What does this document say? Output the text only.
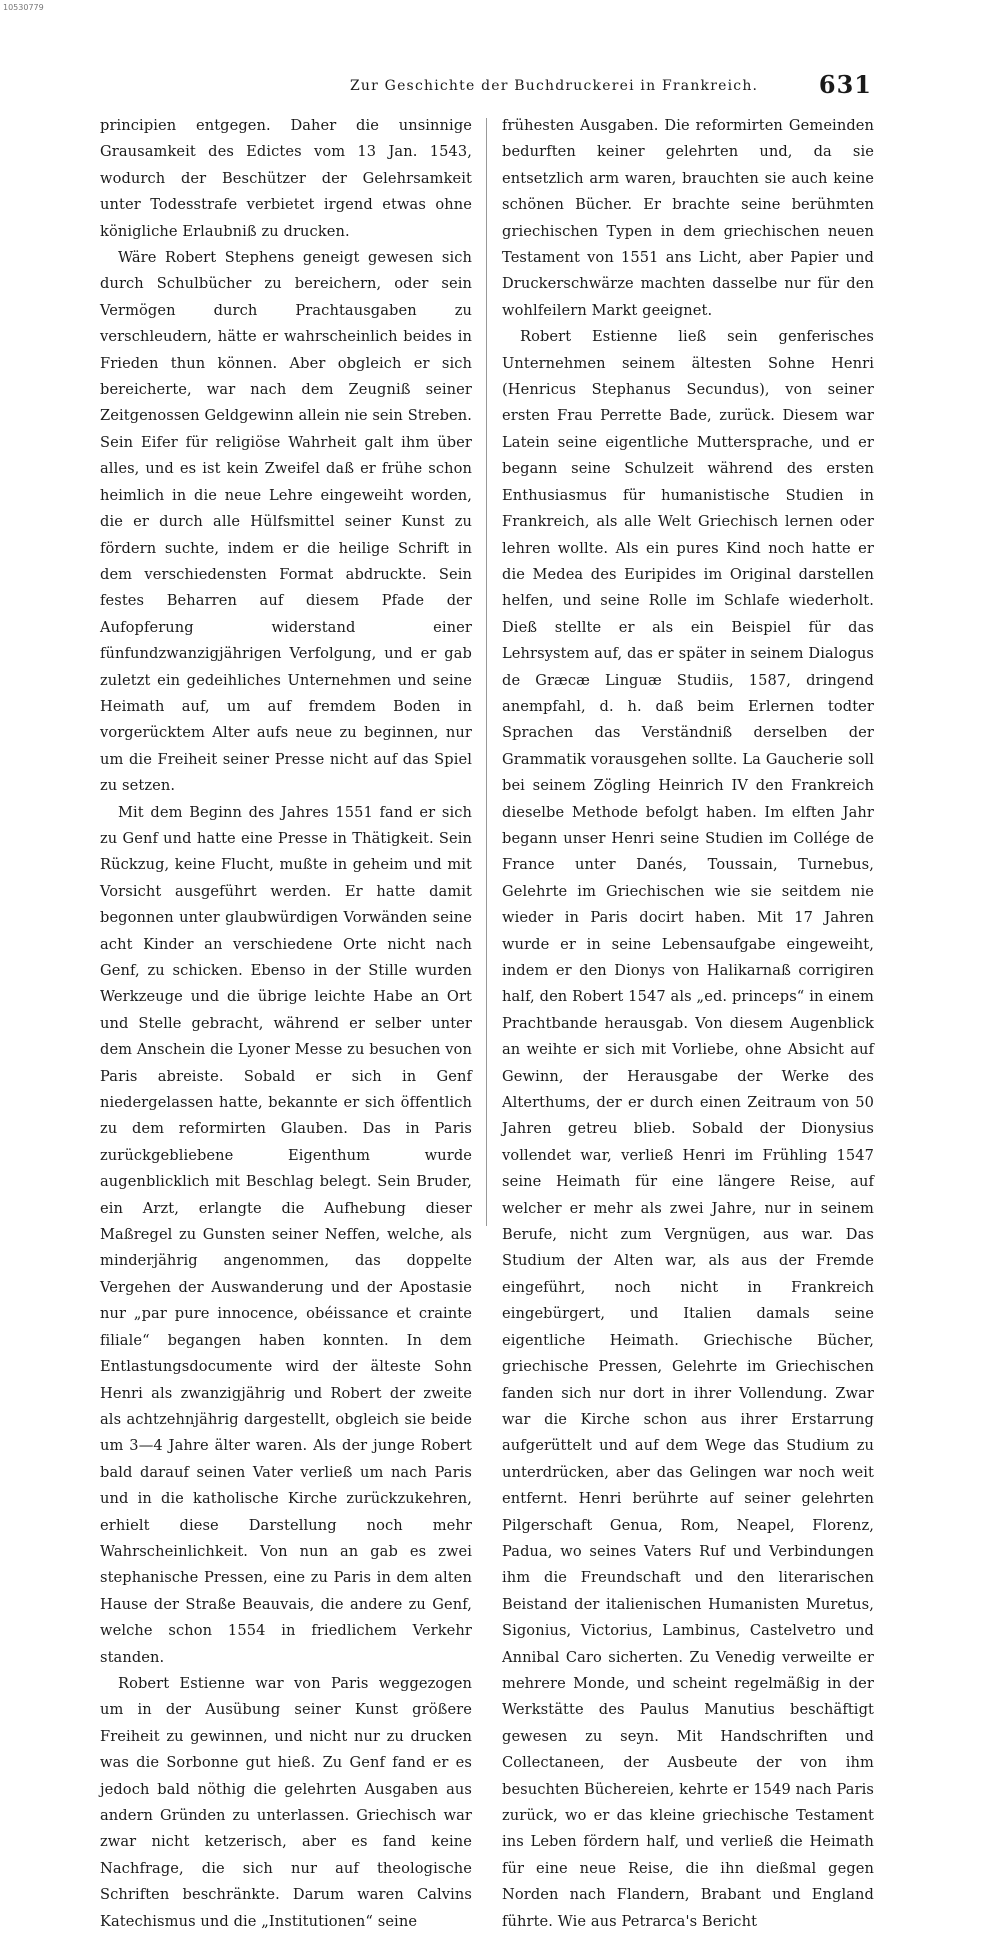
10530779
Zur Geschichte der Buchdruckerei in Frankreich.	631

principien entgegen. Daher die unsinnige Grausamkeit des Edictes vom 13 Jan. 1543, wodurch der Beschützer der Gelehrsamkeit unter Todesstrafe verbietet irgend etwas ohne königliche Erlaubniß zu drucken.

Wäre Robert Stephens geneigt gewesen sich durch Schulbücher zu bereichern, oder sein Vermögen durch Prachtausgaben zu verschleudern, hätte er wahrscheinlich beides in Frieden thun können. Aber obgleich er sich bereicherte, war nach dem Zeugniß seiner Zeitgenossen Geldgewinn allein nie sein Streben. Sein Eifer für religiöse Wahrheit galt ihm über alles, und es ist kein Zweifel daß er frühe schon heimlich in die neue Lehre eingeweiht worden, die er durch alle Hülfsmittel seiner Kunst zu fördern suchte, indem er die heilige Schrift in dem verschiedensten Format abdruckte. Sein festes Beharren auf diesem Pfade der Aufopferung widerstand einer fünfundzwanzigjährigen Verfolgung, und er gab zuletzt ein gedeihliches Unternehmen und seine Heimath auf, um auf fremdem Boden in vorgerücktem Alter aufs neue zu beginnen, nur um die Freiheit seiner Presse nicht auf das Spiel zu setzen.

Mit dem Beginn des Jahres 1551 fand er sich zu Genf und hatte eine Presse in Thätigkeit. Sein Rückzug, keine Flucht, mußte in geheim und mit Vorsicht ausgeführt werden. Er hatte damit begonnen unter glaubwürdigen Vorwänden seine acht Kinder an verschiedene Orte nicht nach Genf, zu schicken. Ebenso in der Stille wurden Werkzeuge und die übrige leichte Habe an Ort und Stelle gebracht, während er selber unter dem Anschein die Lyoner Messe zu besuchen von Paris abreiste. Sobald er sich in Genf niedergelassen hatte, bekannte er sich öffentlich zu dem reformirten Glauben. Das in Paris zurückgebliebene Eigenthum wurde augenblicklich mit Beschlag belegt. Sein Bruder, ein Arzt, erlangte die Aufhebung dieser Maßregel zu Gunsten seiner Neffen, welche, als minderjährig angenommen, das doppelte Vergehen der Auswanderung und der Apostasie nur „par pure innocence, obéissance et crainte filiale“ begangen haben konnten. In dem Entlastungsdocumente wird der älteste Sohn Henri als zwanzigjährig und Robert der zweite als achtzehnjährig dargestellt, obgleich sie beide um 3—4 Jahre älter waren. Als der junge Robert bald darauf seinen Vater verließ um nach Paris und in die katholische Kirche zurückzukehren, erhielt diese Darstellung noch mehr Wahrscheinlichkeit. Von nun an gab es zwei stephanische Pressen, eine zu Paris in dem alten Hause der Straße Beauvais, die andere zu Genf, welche schon 1554 in friedlichem Verkehr standen.

Robert Estienne war von Paris weggezogen um in der Ausübung seiner Kunst größere Freiheit zu gewinnen, und nicht nur zu drucken was die Sorbonne gut hieß. Zu Genf fand er es jedoch bald nöthig die gelehrten Ausgaben aus andern Gründen zu unterlassen. Griechisch war zwar nicht ketzerisch, aber es fand keine Nachfrage, die sich nur auf theologische Schriften beschränkte. Darum waren Calvins Katechismus und die „Institutionen“ seine

frühesten Ausgaben. Die reformirten Gemeinden bedurften keiner gelehrten und, da sie entsetzlich arm waren, brauchten sie auch keine schönen Bücher. Er brachte seine berühmten griechischen Typen in dem griechischen neuen Testament von 1551 ans Licht, aber Papier und Druckerschwärze machten dasselbe nur für den wohlfeilern Markt geeignet.

Robert Estienne ließ sein genferisches Unternehmen seinem ältesten Sohne Henri (Henricus Stephanus Secundus), von seiner ersten Frau Perrette Bade, zurück. Diesem war Latein seine eigentliche Muttersprache, und er begann seine Schulzeit während des ersten Enthusiasmus für humanistische Studien in Frankreich, als alle Welt Griechisch lernen oder lehren wollte. Als ein pures Kind noch hatte er die Medea des Euripides im Original darstellen helfen, und seine Rolle im Schlafe wiederholt. Dieß stellte er als ein Beispiel für das Lehrsystem auf, das er später in seinem Dialogus de Græcæ Linguæ Studiis, 1587, dringend anempfahl, d. h. daß beim Erlernen todter Sprachen das Verständniß derselben der Grammatik vorausgehen sollte. La Gaucherie soll bei seinem Zögling Heinrich IV den Frankreich dieselbe Methode befolgt haben. Im elften Jahr begann unser Henri seine Studien im Collége de France unter Danés, Toussain, Turnebus, Gelehrte im Griechischen wie sie seitdem nie wieder in Paris docirt haben. Mit 17 Jahren wurde er in seine Lebensaufgabe eingeweiht, indem er den Dionys von Halikarnaß corrigiren half, den Robert 1547 als „ed. princeps“ in einem Prachtbande herausgab. Von diesem Augenblick an weihte er sich mit Vorliebe, ohne Absicht auf Gewinn, der Herausgabe der Werke des Alterthums, der er durch einen Zeitraum von 50 Jahren getreu blieb. Sobald der Dionysius vollendet war, verließ Henri im Frühling 1547 seine Heimath für eine längere Reise, auf welcher er mehr als zwei Jahre, nur in seinem Berufe, nicht zum Vergnügen, aus war. Das Studium der Alten war, als aus der Fremde eingeführt, noch nicht in Frankreich eingebürgert, und Italien damals seine eigentliche Heimath. Griechische Bücher, griechische Pressen, Gelehrte im Griechischen fanden sich nur dort in ihrer Vollendung. Zwar war die Kirche schon aus ihrer Erstarrung aufgerüttelt und auf dem Wege das Studium zu unterdrücken, aber das Gelingen war noch weit entfernt. Henri berührte auf seiner gelehrten Pilgerschaft Genua, Rom, Neapel, Florenz, Padua, wo seines Vaters Ruf und Verbindungen ihm die Freundschaft und den literarischen Beistand der italienischen Humanisten Muretus, Sigonius, Victorius, Lambinus, Castelvetro und Annibal Caro sicherten. Zu Venedig verweilte er mehrere Monde, und scheint regelmäßig in der Werkstätte des Paulus Manutius beschäftigt gewesen zu seyn. Mit Handschriften und Collectaneen, der Ausbeute der von ihm besuchten Büchereien, kehrte er 1549 nach Paris zurück, wo er das kleine griechische Testament ins Leben fördern half, und verließ die Heimath für eine neue Reise, die ihn dießmal gegen Norden nach Flandern, Brabant und England führte. Wie aus Petrarca's Bericht
